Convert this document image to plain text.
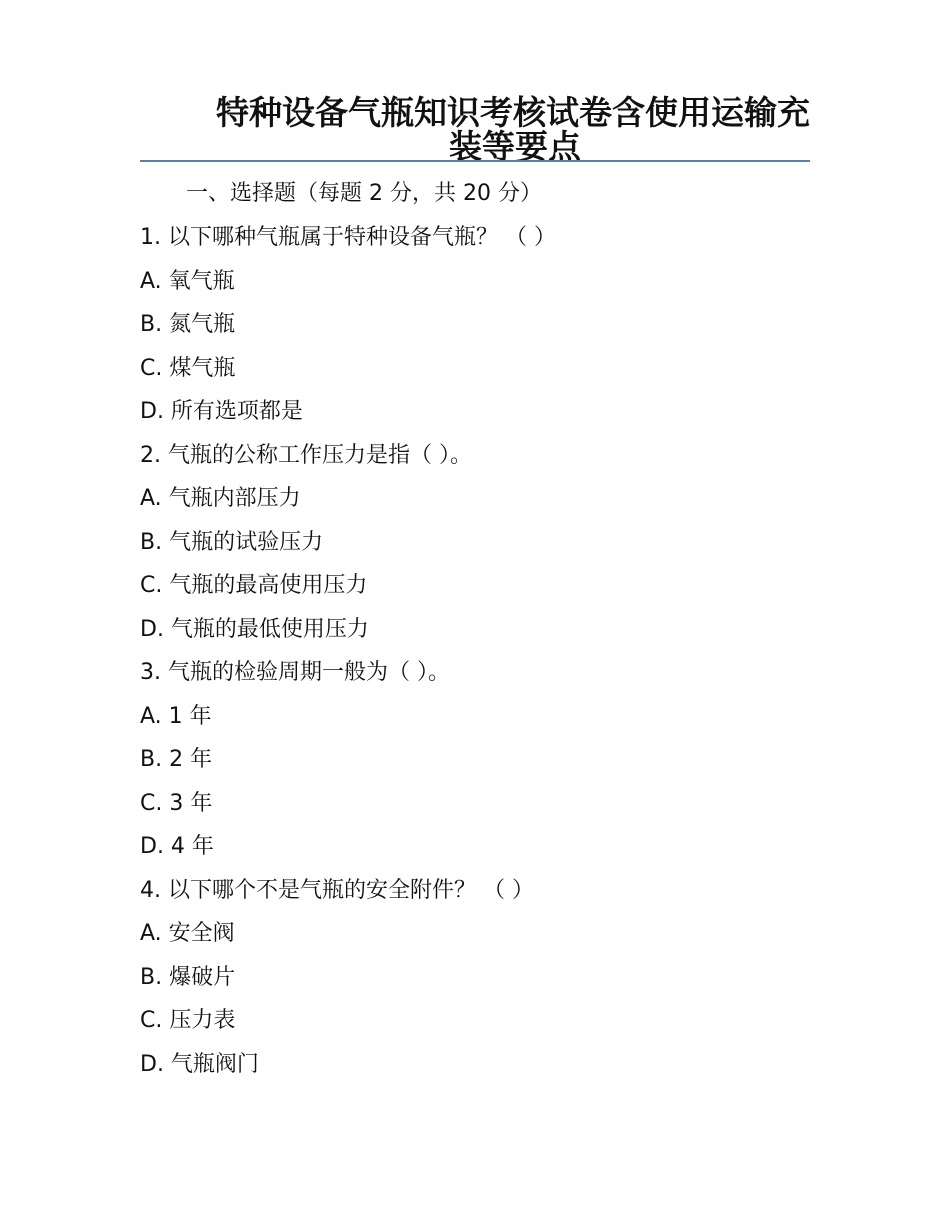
特种设备气瓶知识考核试卷含使用运输充
装等要点
一、选择题（每题 2 分，共 20 分）
1. 以下哪种气瓶属于特种设备气瓶？ （ ）
A. 氧气瓶
B. 氮气瓶
C. 煤气瓶
D. 所有选项都是
2. 气瓶的公称工作压力是指（ ）。
A. 气瓶内部压力
B. 气瓶的试验压力
C. 气瓶的最高使用压力
D. 气瓶的最低使用压力
3. 气瓶的检验周期一般为（ ）。
A. 1 年
B. 2 年
C. 3 年
D. 4 年
4. 以下哪个不是气瓶的安全附件？ （ ）
A. 安全阀
B. 爆破片
C. 压力表
D. 气瓶阀门
